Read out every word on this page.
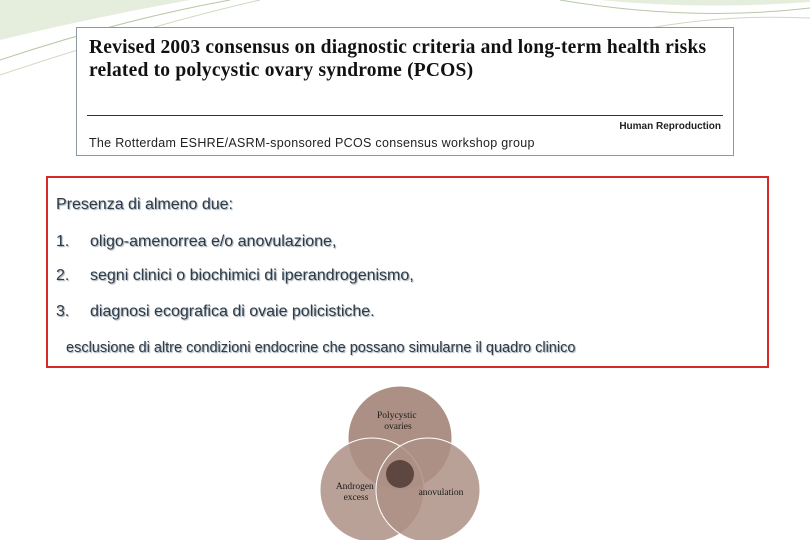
Revised 2003 consensus on diagnostic criteria and long-term health risks related to polycystic ovary syndrome (PCOS)
Human Reproduction
The Rotterdam ESHRE/ASRM-sponsored PCOS consensus workshop group
Presenza di almeno due:
1. oligo-amenorrea e/o anovulazione,
2. segni clinici o biochimici di iperandrogenismo,
3. diagnosi ecografica di ovaie policistiche.
esclusione di altre condizioni endocrine che possano simularne il quadro clinico
Polycystic ovaries
Androgen excess	anovulation
